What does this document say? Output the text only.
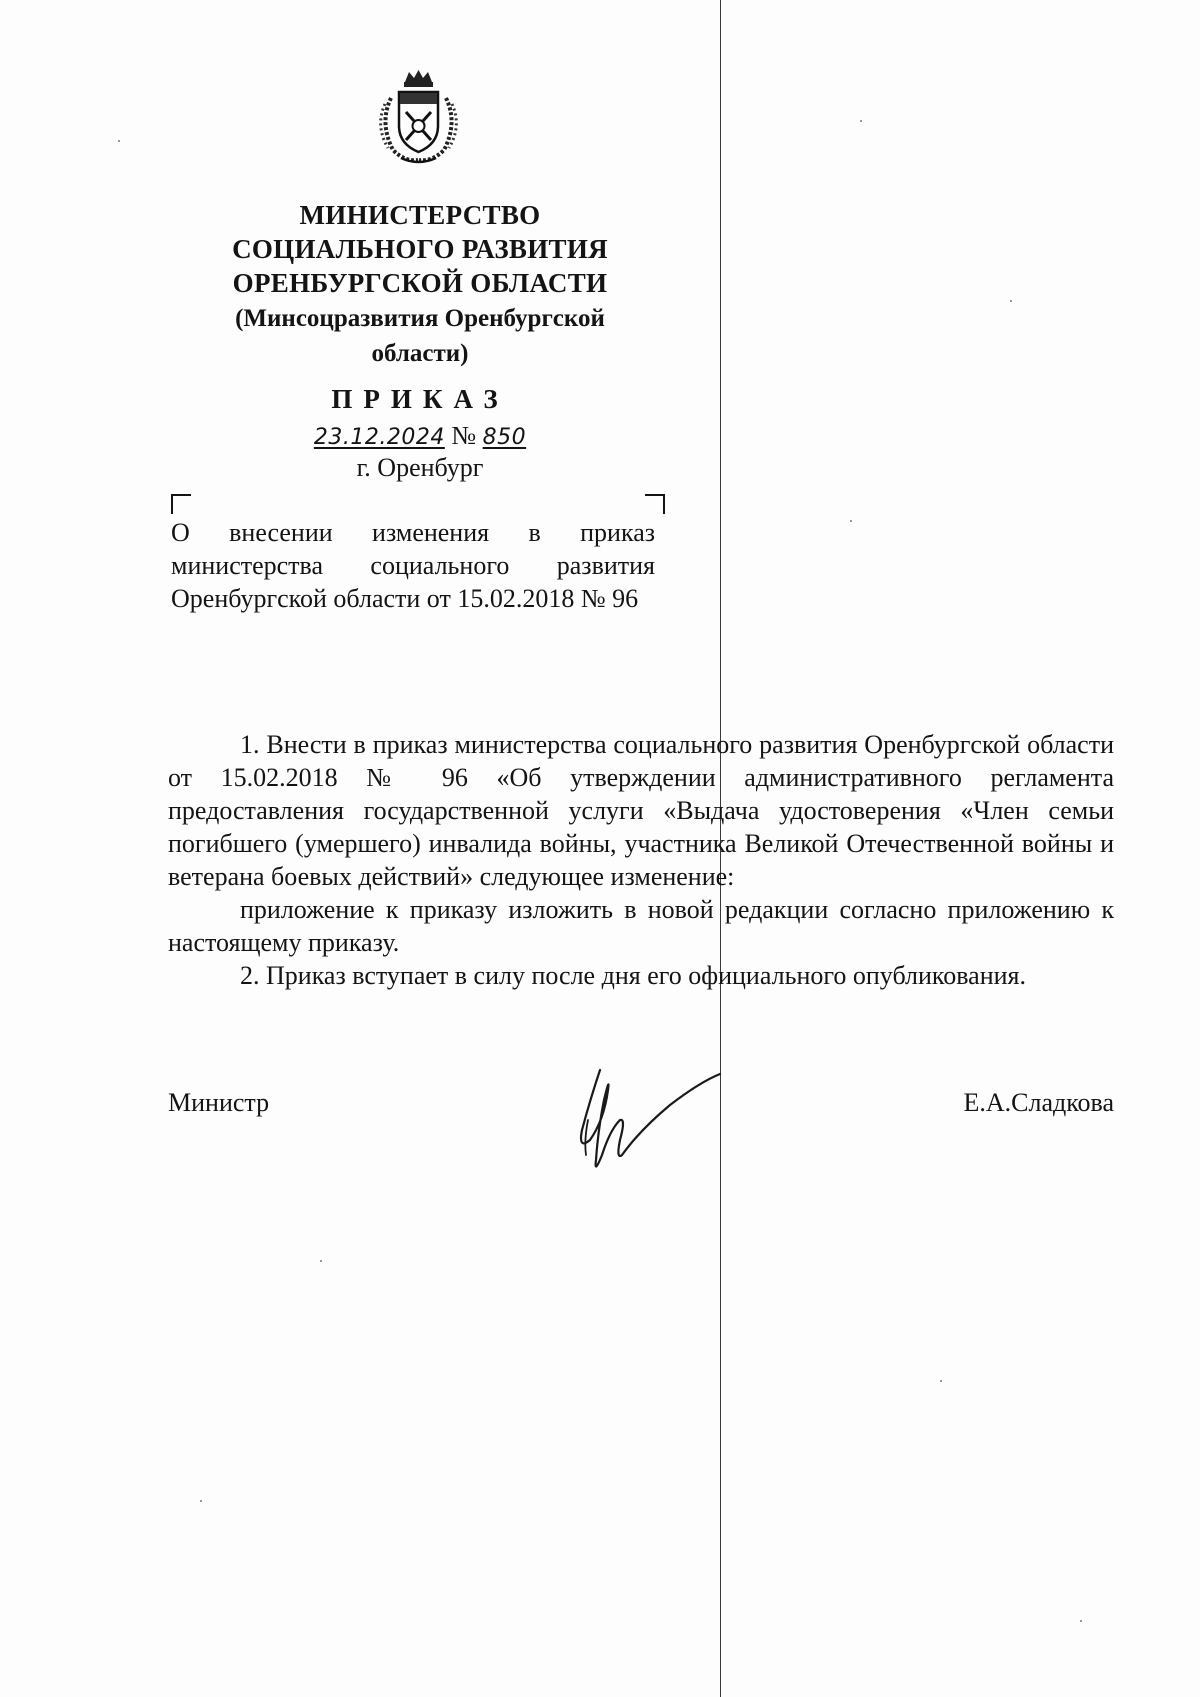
МИНИСТЕРСТВО
СОЦИАЛЬНОГО РАЗВИТИЯ
ОРЕНБУРГСКОЙ ОБЛАСТИ
(Минсоцразвития Оренбургской
области)
ПРИКАЗ
23.12.2024 № 850
г. Оренбург
О внесении изменения в приказ министерства социального развития Оренбургской области от 15.02.2018 № 96

1. Внести в приказ министерства социального развития Оренбургской области от 15.02.2018 № 96 «Об утверждении административного регламента предоставления государственной услуги «Выдача удостоверения «Член семьи погибшего (умершего) инвалида войны, участника Великой Отечественной войны и ветерана боевых действий» следующее изменение:

приложение к приказу изложить в новой редакции согласно приложению к настоящему приказу.

2. Приказ вступает в силу после дня его официального опубликования.

Министр	Е.А.Сладкова
